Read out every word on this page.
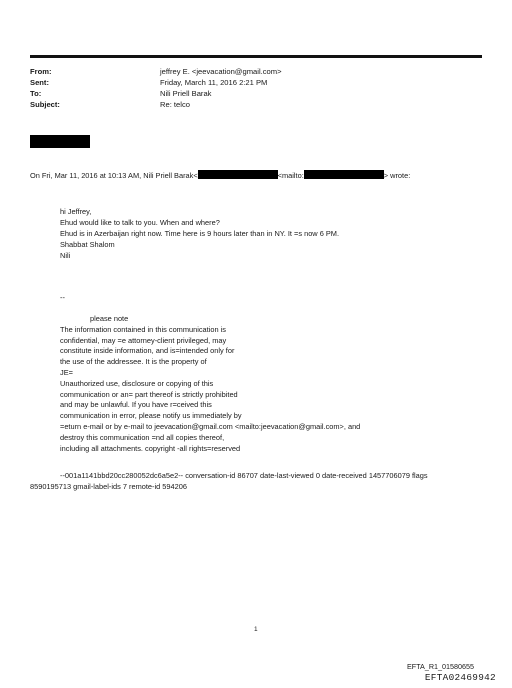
From:	jeffrey E. <jeevacation@gmail.com>
Sent:	Friday, March 11, 2016 2:21 PM
To:	Nili Priell Barak
Subject:	Re: telco
On Fri, Mar 11, 2016 at 10:13 AM, Nili Priell Barak<	<mailto:	> wrote:
hi Jeffrey,
Ehud would like to talk to you. When and where?
Ehud is in Azerbaijan right now. Time here is 9 hours later than in NY. It =s now 6 PM.
Shabbat Shalom
Nili
--
please note
The information contained in this communication is
confidential, may =e attorney-client privileged, may
constitute inside information, and is=intended only for
the use of the addressee. It is the property of
JE=
Unauthorized use, disclosure or copying of this
communication or an= part thereof is strictly prohibited
and may be unlawful. If you have r=ceived this
communication in error, please notify us immediately by
=eturn e-mail or by e-mail to jeevacation@gmail.com <mailto:jeevacation@gmail.com>, and
destroy this communication =nd all copies thereof,
including all attachments. copyright -all rights=reserved
--001a1141bbd20cc280052dc6a5e2-- conversation-id 86707 date-last-viewed 0 date-received 1457706079 flags
8590195713 gmail-label-ids 7 remote-id 594206
1
EFTA_R1_01580655
EFTA02469942
